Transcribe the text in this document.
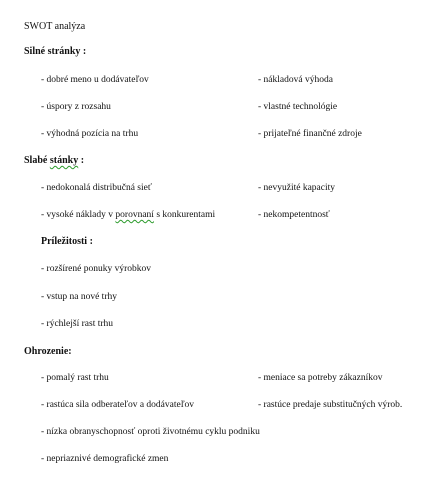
SWOT analýza
Silné stránky :
- dobré meno u dodávateľov
- úspory z rozsahu
- výhodná pozícia na trhu
- nákladová výhoda
- vlastné technológie
- prijateľné finančné zdroje
Slabé stánky :
- nedokonalá distribučná sieť
- vysoké náklady v porovnaní s konkurentami
- nevyužité kapacity
- nekompetentnosť
Príležitosti :
- rozšírené ponuky výrobkov
- vstup na nové trhy
- rýchlejší rast trhu
Ohrozenie:
- pomalý rast trhu
- rastúca sila odberateľov a dodávateľov
- nízka obranyschopnosť oproti životnému cyklu podniku
- nepriaznivé demografické zmen
- meniace sa potreby zákazníkov
- rastúce predaje substitučných výrob.
